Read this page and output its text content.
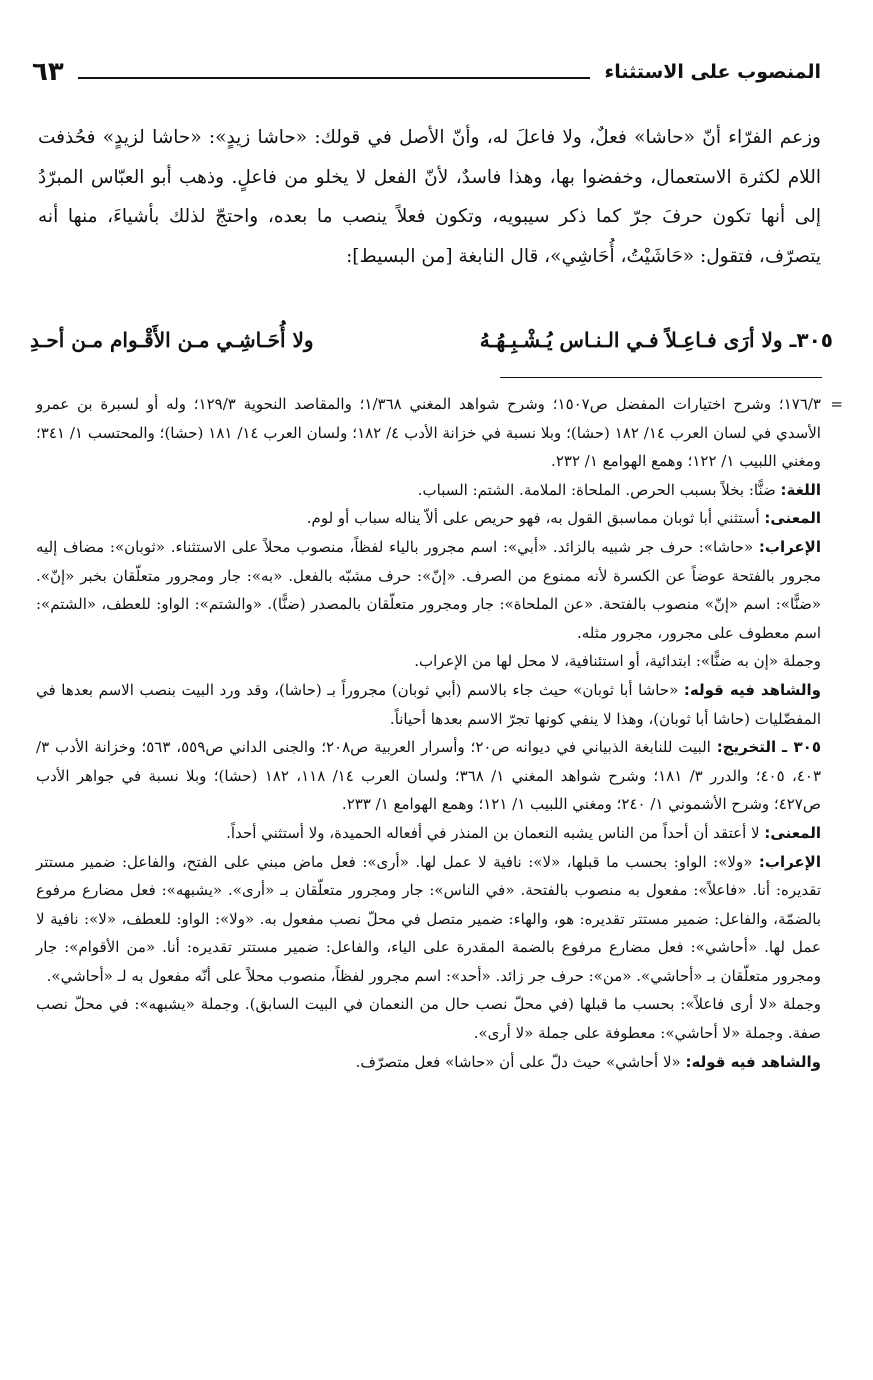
المنصوب على الاستثناء
٦٣

وزعم الفرّاء أنّ «حاشا» فعلٌ، ولا فاعلَ له، وأنّ الأصل في قولك: «حاشا زيدٍ»: «حاشا لزيدٍ» فحُذفت اللام لكثرة الاستعمال، وخفضوا بها، وهذا فاسدٌ، لأنّ الفعل لا يخلو من فاعلٍ. وذهب أبو العبّاس المبرّدُ إلى أنها تكون حرفَ جرّ كما ذكر سيبويه، وتكون فعلاً ينصب ما بعده، واحتجّ لذلك بأشياءَ، منها أنه يتصرّف، فتقول: «حَاشَيْتُ، أُحَاشِي»، قال النابغة [من البسيط]:

٣٠٥ـ ولا أرَى فـاعِـلاً فـي الـنـاس يُـشْـبِـهُـهُ
ولا أُحَـاشِـي مـن الأَقْـوام مـن أحـدِ

=
١٧٦/٣؛ وشرح اختيارات المفضل ص١٥٠٧؛ وشرح شواهد المغني ١/٣٦٨؛ والمقاصد النحوية ١٢٩/٣؛ وله أو لسبرة بن عمرو الأسدي في لسان العرب ١٤/ ١٨٢ (حشا)؛ وبلا نسبة في خزانة الأدب ٤/ ١٨٢؛ ولسان العرب ١٤/ ١٨١ (حشا)؛ والمحتسب ١/ ٣٤١؛ ومغني اللبيب ١/ ١٢٢؛ وهمع الهوامع ١/ ٢٣٢.

اللغة: ضنًّا: بخلاً بسبب الحرص. الملحاة: الملامة. الشتم: السباب.

المعنى: أستثني أبا ثوبان مماسبق القول به، فهو حريص على ألاّ يناله سباب أو لوم.

الإعراب: «حاشا»: حرف جر شبيه بالزائد. «أبي»: اسم مجرور بالياء لفظاً، منصوب محلاً على الاستثناء. «ثوبان»: مضاف إليه مجرور بالفتحة عوضاً عن الكسرة لأنه ممنوع من الصرف. «إنّ»: حرف مشبّه بالفعل. «به»: جار ومجرور متعلّقان بخبر «إنّ». «ضنًّا»: اسم «إنّ» منصوب بالفتحة. «عن الملحاة»: جار ومجرور متعلّقان بالمصدر (ضنًّا). «والشتم»: الواو: للعطف، «الشتم»: اسم معطوف على مجرور، مجرور مثله.

وجملة «إن به ضنًّا»: ابتدائية، أو استئنافية، لا محل لها من الإعراب.

والشاهد فيه قوله: «حاشا أبا ثوبان» حيث جاء بالاسم (أبي ثوبان) مجروراً بـ (حاشا)، وقد ورد البيت بنصب الاسم بعدها في المفضّليات (حاشا أبا ثوبان)، وهذا لا ينفي كونها تجرّ الاسم بعدها أحياناً.

٣٠٥ ـ التخريج: البيت للنابغة الذبياني في ديوانه ص٢٠؛ وأسرار العربية ص٢٠٨؛ والجنى الداني ص٥٥٩، ٥٦٣؛ وخزانة الأدب ٣/ ٤٠٣، ٤٠٥؛ والدرر ٣/ ١٨١؛ وشرح شواهد المغني ١/ ٣٦٨؛ ولسان العرب ١٤/ ١١٨، ١٨٢ (حشا)؛ وبلا نسبة في جواهر الأدب ص٤٢٧؛ وشرح الأشموني ١/ ٢٤٠؛ ومغني اللبيب ١/ ١٢١؛ وهمع الهوامع ١/ ٢٣٣.

المعنى: لا أعتقد أن أحداً من الناس يشبه النعمان بن المنذر في أفعاله الحميدة، ولا أستثني أحداً.

الإعراب: «ولا»: الواو: بحسب ما قبلها، «لا»: نافية لا عمل لها. «أرى»: فعل ماض مبني على الفتح، والفاعل: ضمير مستتر تقديره: أنا. «فاعلاً»: مفعول به منصوب بالفتحة. «في الناس»: جار ومجرور متعلّقان بـ «أرى». «يشبهه»: فعل مضارع مرفوع بالضمّة، والفاعل: ضمير مستتر تقديره: هو، والهاء: ضمير متصل في محلّ نصب مفعول به. «ولا»: الواو: للعطف، «لا»: نافية لا عمل لها. «أحاشي»: فعل مضارع مرفوع بالضمة المقدرة على الياء، والفاعل: ضمير مستتر تقديره: أنا. «من الأقوام»: جار ومجرور متعلّقان بـ «أحاشي». «من»: حرف جر زائد. «أحد»: اسم مجرور لفظاً، منصوب محلاً على أنّه مفعول به لـ «أحاشي».

وجملة «لا أرى فاعلاً»: بحسب ما قبلها (في محلّ نصب حال من النعمان في البيت السابق). وجملة «يشبهه»: في محلّ نصب صفة. وجملة «لا أحاشي»: معطوفة على جملة «لا أرى».

والشاهد فيه قوله: «لا أحاشي» حيث دلّ على أن «حاشا» فعل متصرّف.
